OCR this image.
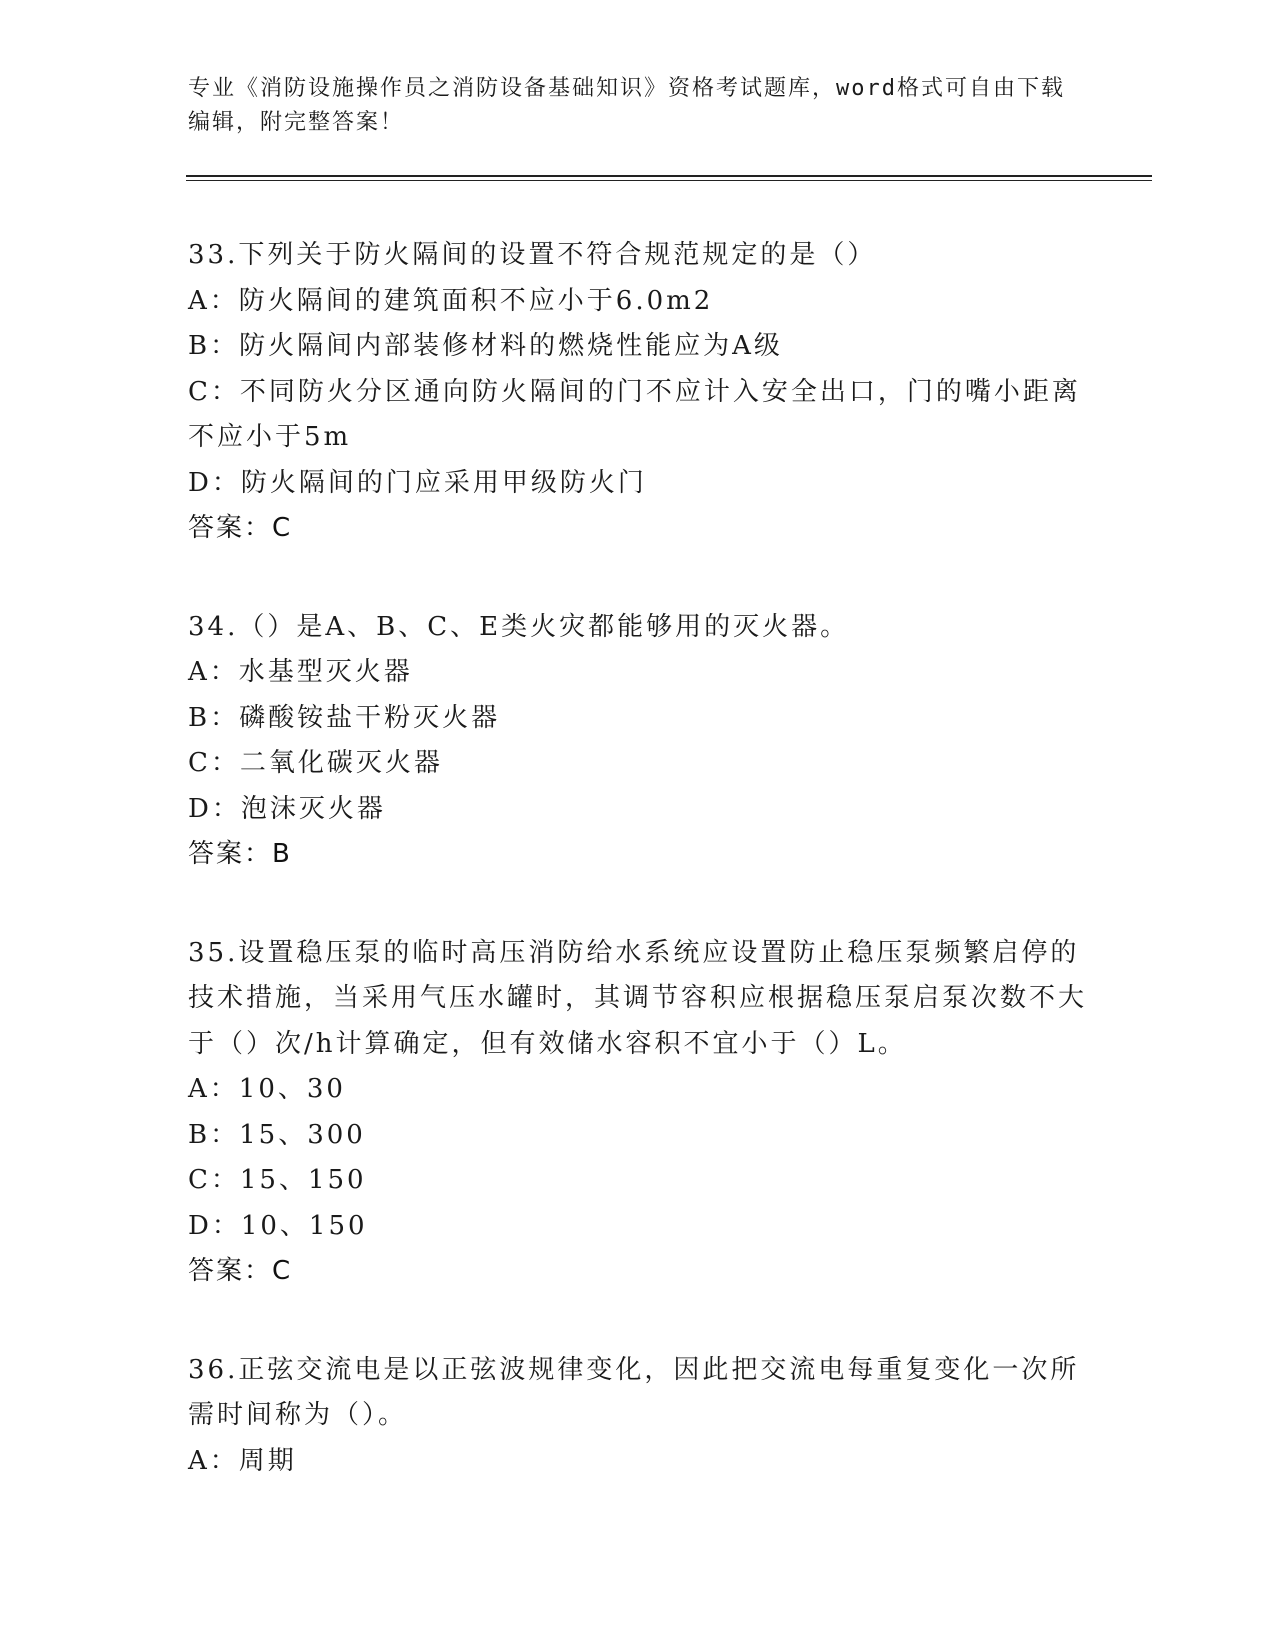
专业《消防设施操作员之消防设备基础知识》资格考试题库，word格式可自由下载编辑，附完整答案！
33.下列关于防火隔间的设置不符合规范规定的是（）
A：防火隔间的建筑面积不应小于6.0m2
B：防火隔间内部装修材料的燃烧性能应为A级
C：不同防火分区通向防火隔间的门不应计入安全出口，门的嘴小距离不应小于5m
D：防火隔间的门应采用甲级防火门
答案：C
34.（）是A、B、C、E类火灾都能够用的灭火器。
A：水基型灭火器
B：磷酸铵盐干粉灭火器
C：二氧化碳灭火器
D：泡沫灭火器
答案：B
35.设置稳压泵的临时高压消防给水系统应设置防止稳压泵频繁启停的技术措施，当采用气压水罐时，其调节容积应根据稳压泵启泵次数不大于（）次/h计算确定，但有效储水容积不宜小于（）L。
A：10、30
B：15、300
C：15、150
D：10、150
答案：C
36.正弦交流电是以正弦波规律变化，因此把交流电每重复变化一次所需时间称为（）。
A：周期
